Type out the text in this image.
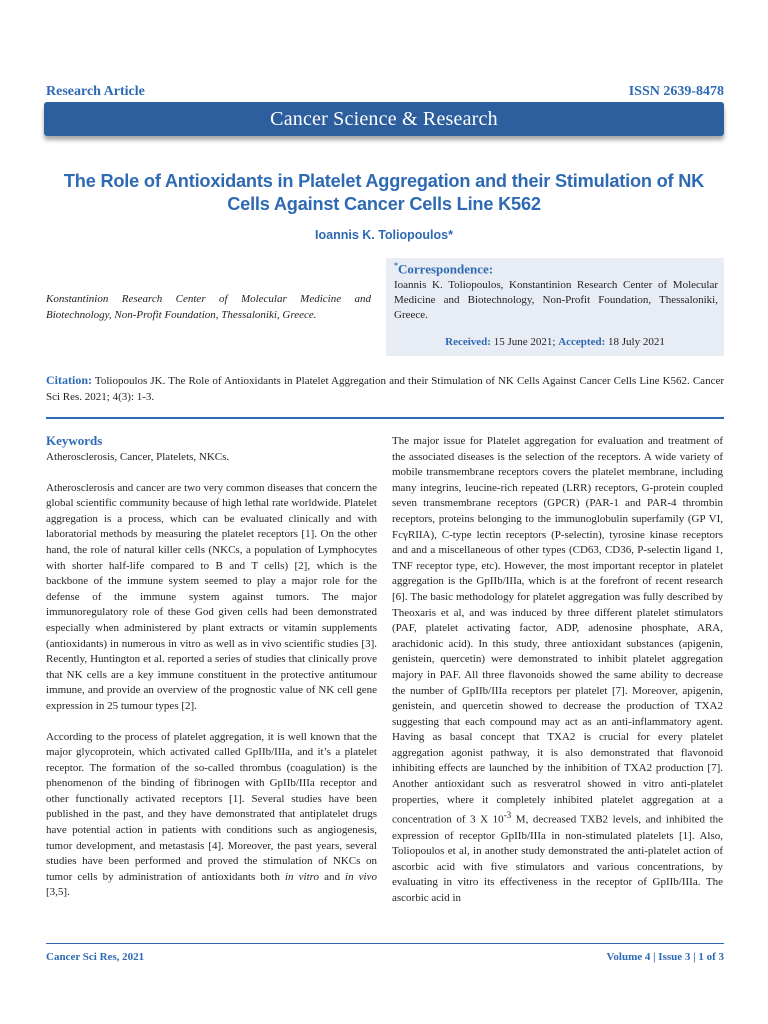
Research Article	ISSN 2639-8478
Cancer Science & Research
The Role of Antioxidants in Platelet Aggregation and their Stimulation of NK Cells Against Cancer Cells Line K562
Ioannis K. Toliopoulos*
Konstantinion Research Center of Molecular Medicine and Biotechnology, Non-Profit Foundation, Thessaloniki, Greece.
*Correspondence:
Ioannis K. Toliopoulos, Konstantinion Research Center of Molecular Medicine and Biotechnology, Non-Profit Foundation, Thessaloniki, Greece.
Received: 15 June 2021; Accepted: 18 July 2021
Citation: Toliopoulos JK. The Role of Antioxidants in Platelet Aggregation and their Stimulation of NK Cells Against Cancer Cells Line K562. Cancer Sci Res. 2021; 4(3): 1-3.
Keywords

Atherosclerosis, Cancer, Platelets, NKCs.

Atherosclerosis and cancer are two very common diseases that concern the global scientific community because of high lethal rate worldwide. Platelet aggregation is a process, which can be evaluated clinically and with laboratorial methods by measuring the platelet receptors [1]. On the other hand, the role of natural killer cells (NKCs, a population of Lymphocytes with shorter half-life compared to B and T cells) [2], which is the backbone of the immune system seemed to play a major role for the defense of the immune system against tumors. The major immunoregulatory role of these God given cells had been demonstrated especially when administered by plant extracts or vitamin supplements (antioxidants) in numerous in vitro as well as in vivo scientific studies [3]. Recently, Huntington et al. reported a series of studies that clinically prove that NK cells are a key immune constituent in the protective antitumour immune, and provide an overview of the prognostic value of NK cell gene expression in 25 tumour types [2].

According to the process of platelet aggregation, it is well known that the major glycoprotein, which activated called GpIIb/IIIa, and it’s a platelet receptor. The formation of the so-called thrombus (coagulation) is the phenomenon of the binding of fibrinogen with GpIIb/IIIa receptor and other functionally activated receptors [1]. Several studies have been published in the past, and they have demonstrated that antiplatelet drugs have potential action in patients with conditions such as angiogenesis, tumor development, and metastasis [4]. Moreover, the past years, several studies have been performed and proved the stimulation of NKCs on tumor cells by administration of antioxidants both in vitro and in vivo [3,5].

The major issue for Platelet aggregation for evaluation and treatment of the associated diseases is the selection of the receptors. A wide variety of mobile transmembrane receptors covers the platelet membrane, including many integrins, leucine-rich repeated (LRR) receptors, G-protein coupled seven transmembrane receptors (GPCR) (PAR-1 and PAR-4 thrombin receptors, proteins belonging to the immunoglobulin superfamily (GP VI, FcγRIIA), C-type lectin receptors (P-selectin), tyrosine kinase receptors and and a miscellaneous of other types (CD63, CD36, P-selectin ligand 1, TNF receptor type, etc). However, the most important receptor in platelet aggregation is the GpIIb/IIIa, which is at the forefront of recent research [6]. The basic methodology for platelet aggregation was fully described by Theoxaris et al, and was induced by three different platelet stimulators (PAF, platelet activating factor, ADP, adenosine phosphate, ARA, arachidonic acid). In this study, three antioxidant substances (apigenin, genistein, quercetin) were demonstrated to inhibit platelet aggregation majory in PAF. All three flavonoids showed the same ability to decrease the number of GpIIb/IIIa receptors per platelet [7]. Moreover, apigenin, genistein, and quercetin showed to decrease the production of TXA2 suggesting that each compound may act as an anti-inflammatory agent. Having as basal concept that TXA2 is crucial for every platelet aggregation agonist pathway, it is also demonstrated that flavonoid inhibiting effects are launched by the inhibition of TXA2 production [7]. Another antioxidant such as resveratrol showed in vitro anti-platelet properties, where it completely inhibited platelet aggregation at a concentration of 3 X $10^{-3}$ M, decreased TXB2 levels, and inhibited the expression of receptor GpIIb/IIIa in non-stimulated platelets [1]. Also, Toliopoulos et al, in another study demonstrated the anti-platelet action of ascorbic acid with five stimulators and various concentrations, by evaluating in vitro its effectiveness in the receptor of GpIIb/IIIa. The ascorbic acid in

Cancer Sci Res, 2021	Volume 4 | Issue 3 | 1 of 3
